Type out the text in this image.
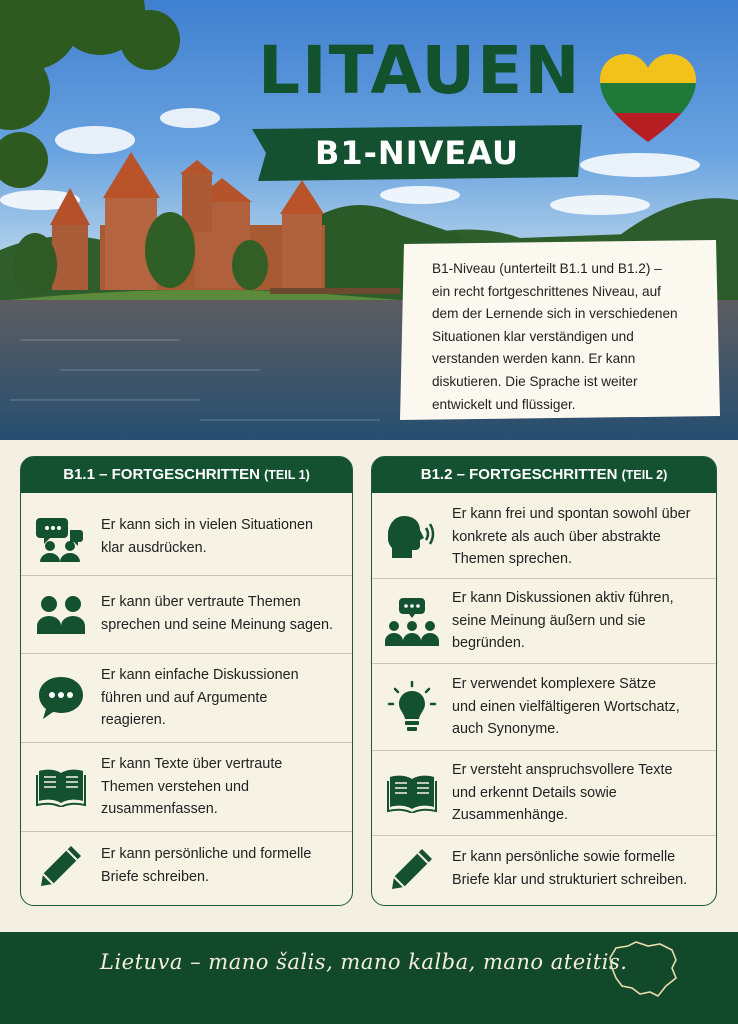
LITAUEN
B1-NIVEAU

B1-Niveau (unterteilt B1.1 und B1.2) –
ein recht fortgeschrittenes Niveau, auf
dem der Lernende sich in verschiedenen
Situationen klar verständigen und
verstanden werden kann. Er kann
diskutieren. Die Sprache ist weiter
entwickelt und flüssiger.

B1.1 – FORTGESCHRITTEN (TEIL 1)
Er kann sich in vielen Situationen
klar ausdrücken.
Er kann über vertraute Themen
sprechen und seine Meinung sagen.
Er kann einfache Diskussionen
führen und auf Argumente
reagieren.
Er kann Texte über vertraute
Themen verstehen und
zusammenfassen.
Er kann persönliche und formelle
Briefe schreiben.
B1.2 – FORTGESCHRITTEN (TEIL 2)
Er kann frei und spontan sowohl über
konkrete als auch über abstrakte
Themen sprechen.
Er kann Diskussionen aktiv führen,
seine Meinung äußern und sie
begründen.
Er verwendet komplexere Sätze
und einen vielfältigeren Wortschatz,
auch Synonyme.
Er versteht anspruchsvollere Texte
und erkennt Details sowie
Zusammenhänge.
Er kann persönliche sowie formelle
Briefe klar und strukturiert schreiben.
Lietuva – mano šalis, mano kalba, mano ateitis.
